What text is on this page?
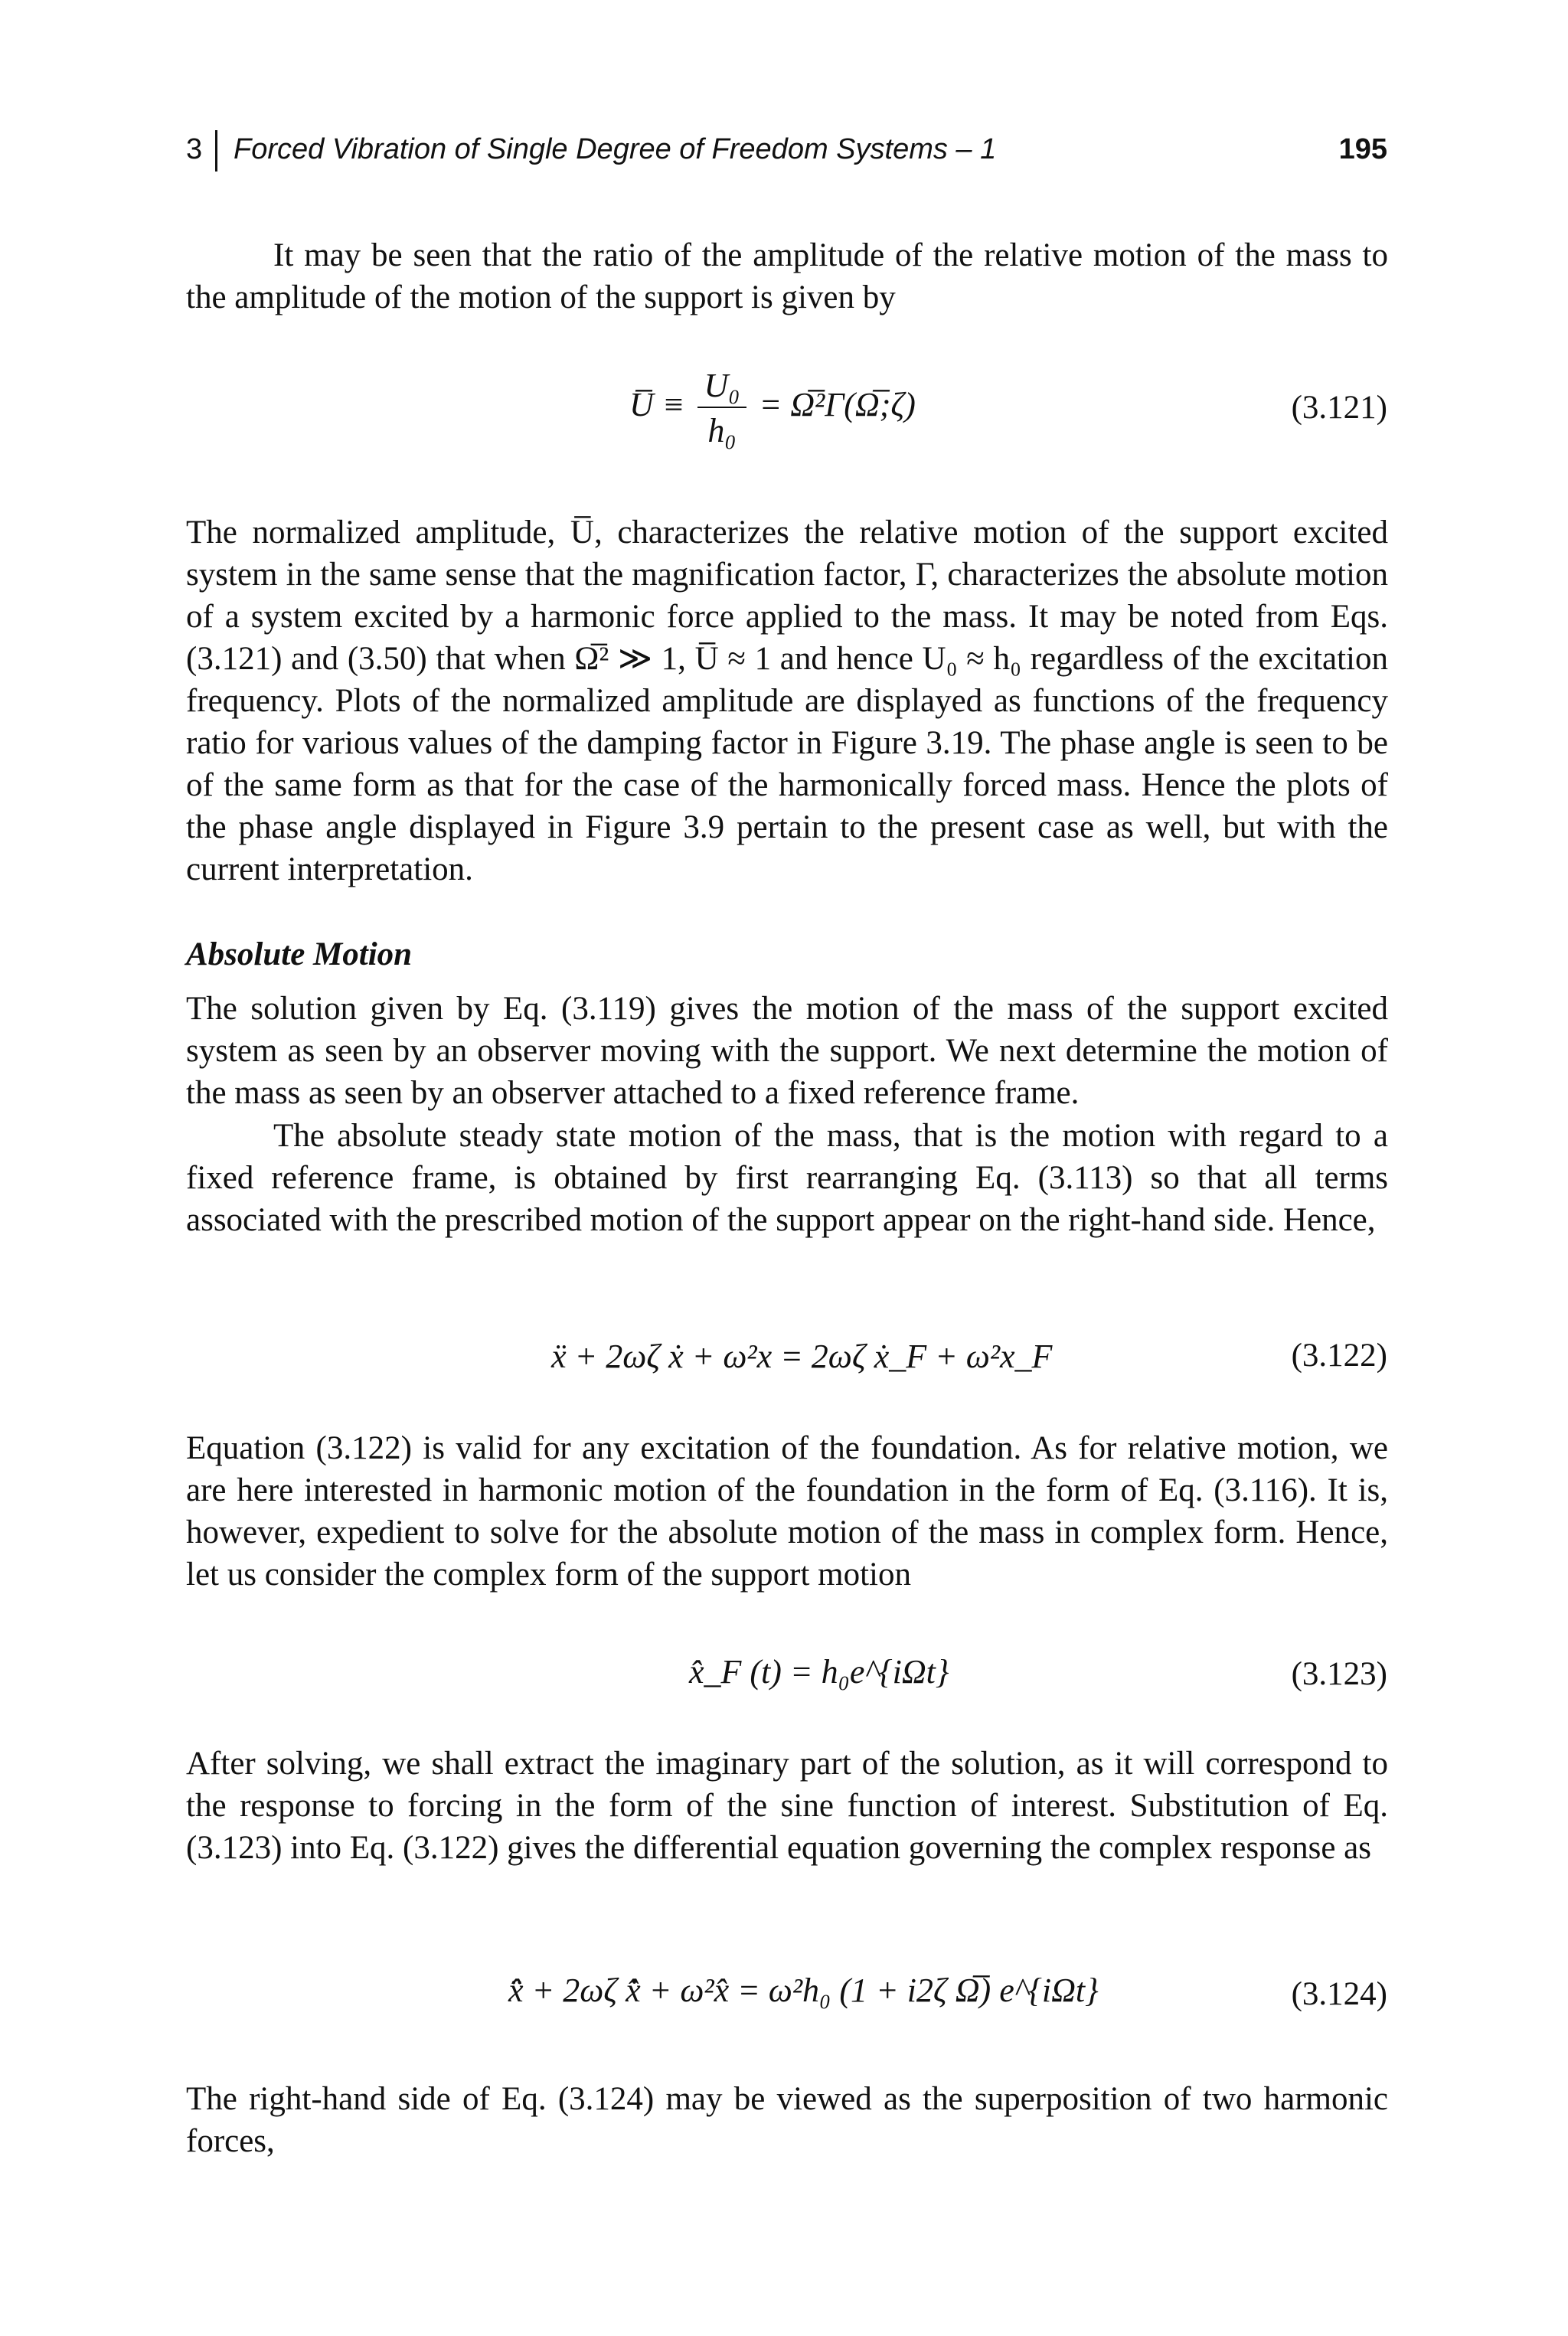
3 Forced Vibration of Single Degree of Freedom Systems – 1	195
It may be seen that the ratio of the amplitude of the relative motion of the mass to the amplitude of the motion of the support is given by
U̅ ≡ $\frac{\text{U₀}}{\text{h₀}}$ = Ω̅²Γ(Ω̅;ζ)	(3.121)
The normalized amplitude, U̅, characterizes the relative motion of the support excited system in the same sense that the magnification factor, Γ, characterizes the absolute motion of a system excited by a harmonic force applied to the mass. It may be noted from Eqs. (3.121) and (3.50) that when Ω̅² ≫ 1, U̅ ≈ 1 and hence U₀ ≈ h₀ regardless of the excitation frequency. Plots of the normalized amplitude are displayed as functions of the frequency ratio for various values of the damping factor in Figure 3.19. The phase angle is seen to be of the same form as that for the case of the harmonically forced mass. Hence the plots of the phase angle displayed in Figure 3.9 pertain to the present case as well, but with the current interpretation.
Absolute Motion
The solution given by Eq. (3.119) gives the motion of the mass of the support excited system as seen by an observer moving with the support. We next determine the motion of the mass as seen by an observer attached to a fixed reference frame.
The absolute steady state motion of the mass, that is the motion with regard to a fixed reference frame, is obtained by first rearranging Eq. (3.113) so that all terms associated with the prescribed motion of the support appear on the right-hand side. Hence,
ẍ + 2ωζ ẋ + ω²x = 2ωζ ẋ_F + ω²x_F	(3.122)
Equation (3.122) is valid for any excitation of the foundation. As for relative motion, we are here interested in harmonic motion of the foundation in the form of Eq. (3.116). It is, however, expedient to solve for the absolute motion of the mass in complex form. Hence, let us consider the complex form of the support motion
x̂_F (t) = h₀e^{iΩt}	(3.123)
After solving, we shall extract the imaginary part of the solution, as it will correspond to the response to forcing in the form of the sine function of interest. Substitution of Eq. (3.123) into Eq. (3.122) gives the differential equation governing the complex response as
x̂̈ + 2ωζ x̂̇ + ω²x̂ = ω²h₀ (1 + i2ζ Ω̅) e^{iΩt}	(3.124)
The right-hand side of Eq. (3.124) may be viewed as the superposition of two harmonic forces,
